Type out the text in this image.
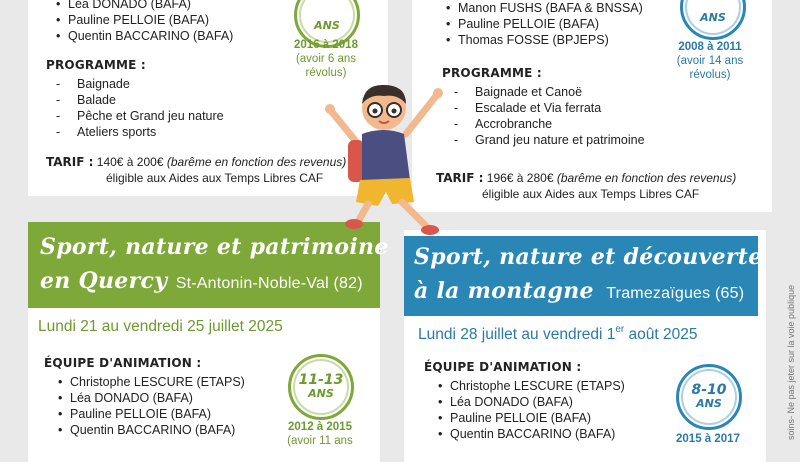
• Léa DONADO (BAFA)
• Pauline PELLOIE (BAFA)
• Quentin BACCARINO (BAFA)
ANS
2016 à 2018
(avoir 6 ans révolus)
PROGRAMME :
- Baignade
- Balade
- Pêche et Grand jeu nature
- Ateliers sports
TARIF : 140€ à 200€ (barême en fonction des revenus)
éligible aux Aides aux Temps Libres CAF
• Manon FUSHS (BAFA & BNSSA)
• Pauline PELLOIE (BAFA)
• Thomas FOSSE (BPJEPS)
ANS
2008 à 2011
(avoir 14 ans révolus)
PROGRAMME :
- Baignade et Canoë
- Escalade et Via ferrata
- Accrobranche
- Grand jeu nature et patrimoine
TARIF : 196€ à 280€ (barême en fonction des revenus)
éligible aux Aides aux Temps Libres CAF
Sport, nature et patrimoine
en Quercy St-Antonin-Noble-Val (82)
Lundi 21 au vendredi 25 juillet 2025
ÉQUIPE D'ANIMATION :
• Christophe LESCURE (ETAPS)
• Léa DONADO (BAFA)
• Pauline PELLOIE (BAFA)
• Quentin BACCARINO (BAFA)
11-13
ANS
2012 à 2015
(avoir 11 ans
Sport, nature et découverte
à la montagne Tramezaïgues (65)
Lundi 28 juillet au vendredi 1er août 2025
ÉQUIPE D'ANIMATION :
• Christophe LESCURE (ETAPS)
• Léa DONADO (BAFA)
• Pauline PELLOIE (BAFA)
• Quentin BACCARINO (BAFA)
8-10
ANS
2015 à 2017	soins- Ne pas jeter sur la voie publique
